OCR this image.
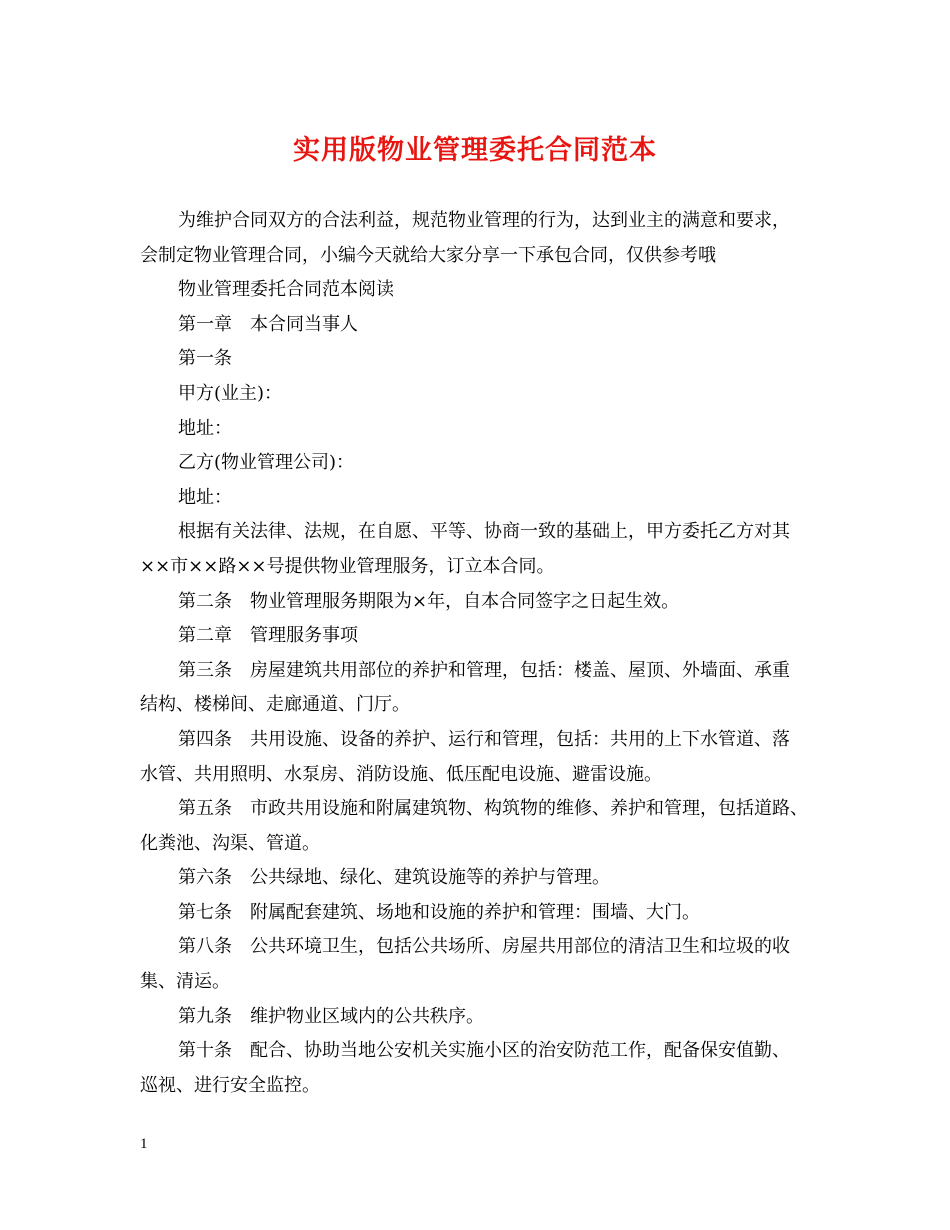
实用版物业管理委托合同范本
为维护合同双方的合法利益，规范物业管理的行为，达到业主的满意和要求，
会制定物业管理合同，小编今天就给大家分享一下承包合同，仅供参考哦
物业管理委托合同范本阅读
第一章　本合同当事人
第一条
甲方(业主)：
地址：
乙方(物业管理公司)：
地址：
根据有关法律、法规，在自愿、平等、协商一致的基础上，甲方委托乙方对其
××市××路××号提供物业管理服务，订立本合同。
第二条　物业管理服务期限为×年，自本合同签字之日起生效。
第二章　管理服务事项
第三条　房屋建筑共用部位的养护和管理，包括：楼盖、屋顶、外墙面、承重
结构、楼梯间、走廊通道、门厅。
第四条　共用设施、设备的养护、运行和管理，包括：共用的上下水管道、落
水管、共用照明、水泵房、消防设施、低压配电设施、避雷设施。
第五条　市政共用设施和附属建筑物、构筑物的维修、养护和管理，包括道路、
化粪池、沟渠、管道。
第六条　公共绿地、绿化、建筑设施等的养护与管理。
第七条　附属配套建筑、场地和设施的养护和管理：围墙、大门。
第八条　公共环境卫生，包括公共场所、房屋共用部位的清洁卫生和垃圾的收
集、清运。
第九条　维护物业区域内的公共秩序。
第十条　配合、协助当地公安机关实施小区的治安防范工作，配备保安值勤、
巡视、进行安全监控。
1
